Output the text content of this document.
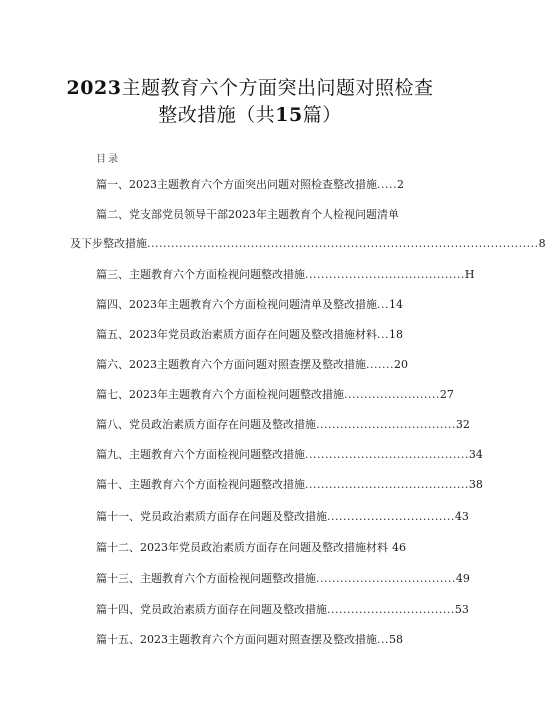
2023主题教育六个方面突出问题对照检查
整改措施（共15篇）
目录
篇一、2023主题教育六个方面突出问题对照检查整改措施.....2
篇二、党支部党员领导干部2023年主题教育个人检视问题清单
及下步整改措施..................................................................................................8
篇三、主题教育六个方面检视问题整改措施........................................H
篇四、2023年主题教育六个方面检视问题清单及整改措施...14
篇五、2023年党员政治素质方面存在问题及整改措施材料...18
篇六、2023主题教育六个方面问题对照查摆及整改措施.......20
篇七、2023年主题教育六个方面检视问题整改措施........................27
篇八、党员政治素质方面存在问题及整改措施...................................32
篇九、主题教育六个方面检视问题整改措施.........................................34
篇十、主题教育六个方面检视问题整改措施.........................................38
篇十一、党员政治素质方面存在问题及整改措施................................43
篇十二、2023年党员政治素质方面存在问题及整改措施材料 46
篇十三、主题教育六个方面检视问题整改措施...................................49
篇十四、党员政治素质方面存在问题及整改措施................................53
篇十五、2023主题教育六个方面问题对照查摆及整改措施...58
